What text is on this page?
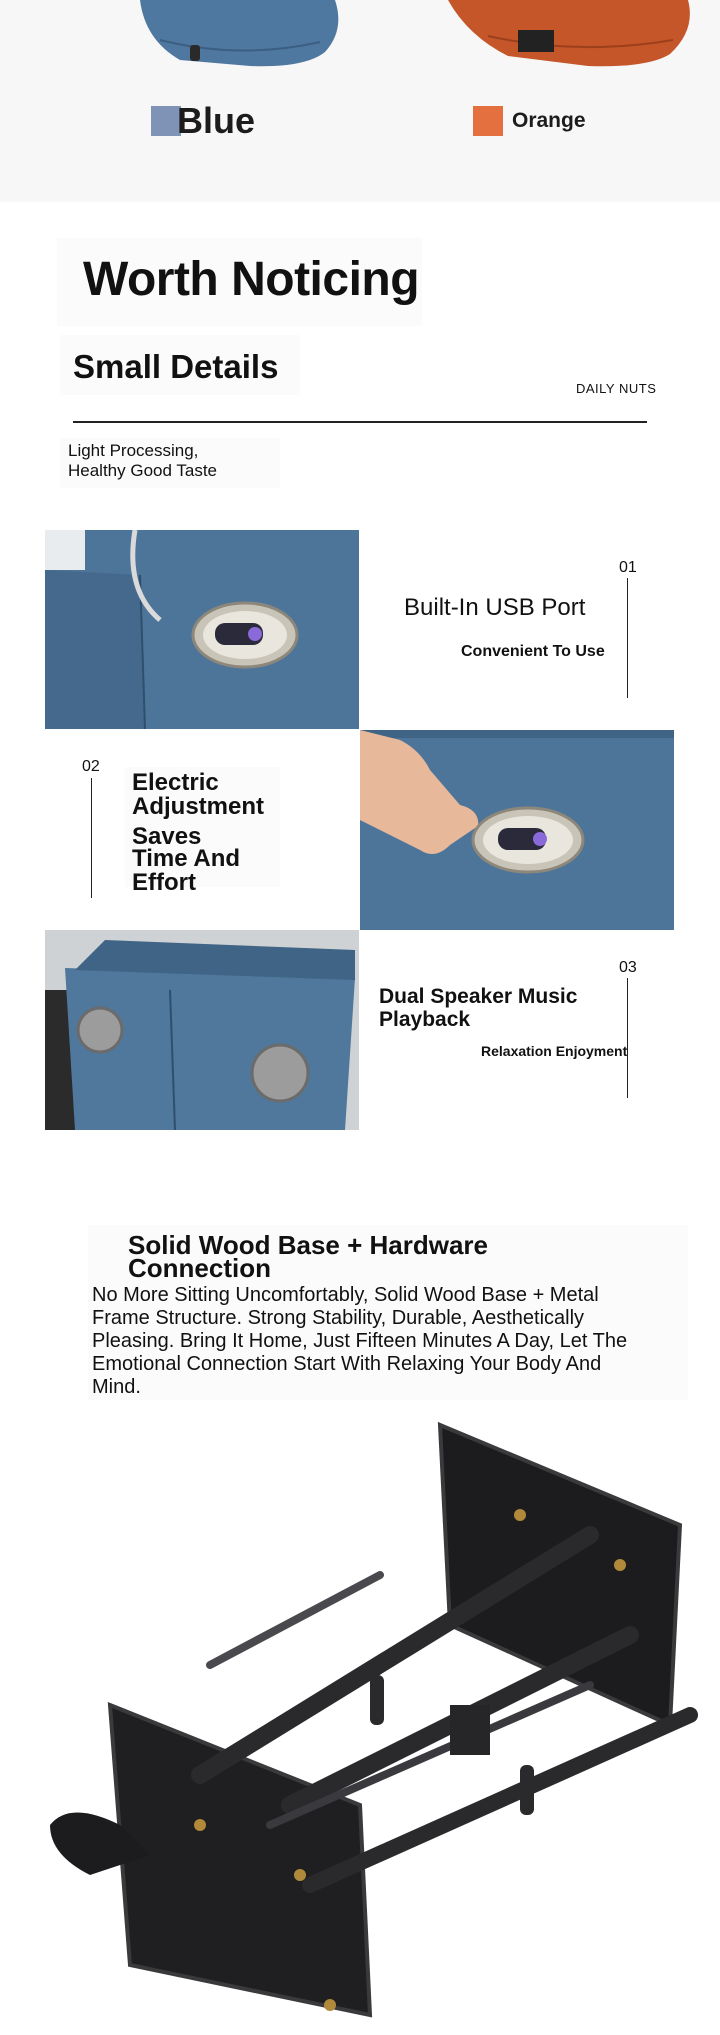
Blue	Orange
Worth Noticing
Small Details
DAILY NUTS
Light Processing,
Healthy Good Taste
01
Built-In USB Port
Convenient To Use
02
Electric
Adjustment
Saves
Time And
Effort
03
Dual Speaker Music
Playback
Relaxation Enjoyment
Solid Wood Base + Hardware
Connection
No More Sitting Uncomfortably, Solid Wood Base + Metal
Frame Structure. Strong Stability, Durable, Aesthetically
Pleasing. Bring It Home, Just Fifteen Minutes A Day, Let The
Emotional Connection Start With Relaxing Your Body And
Mind.
